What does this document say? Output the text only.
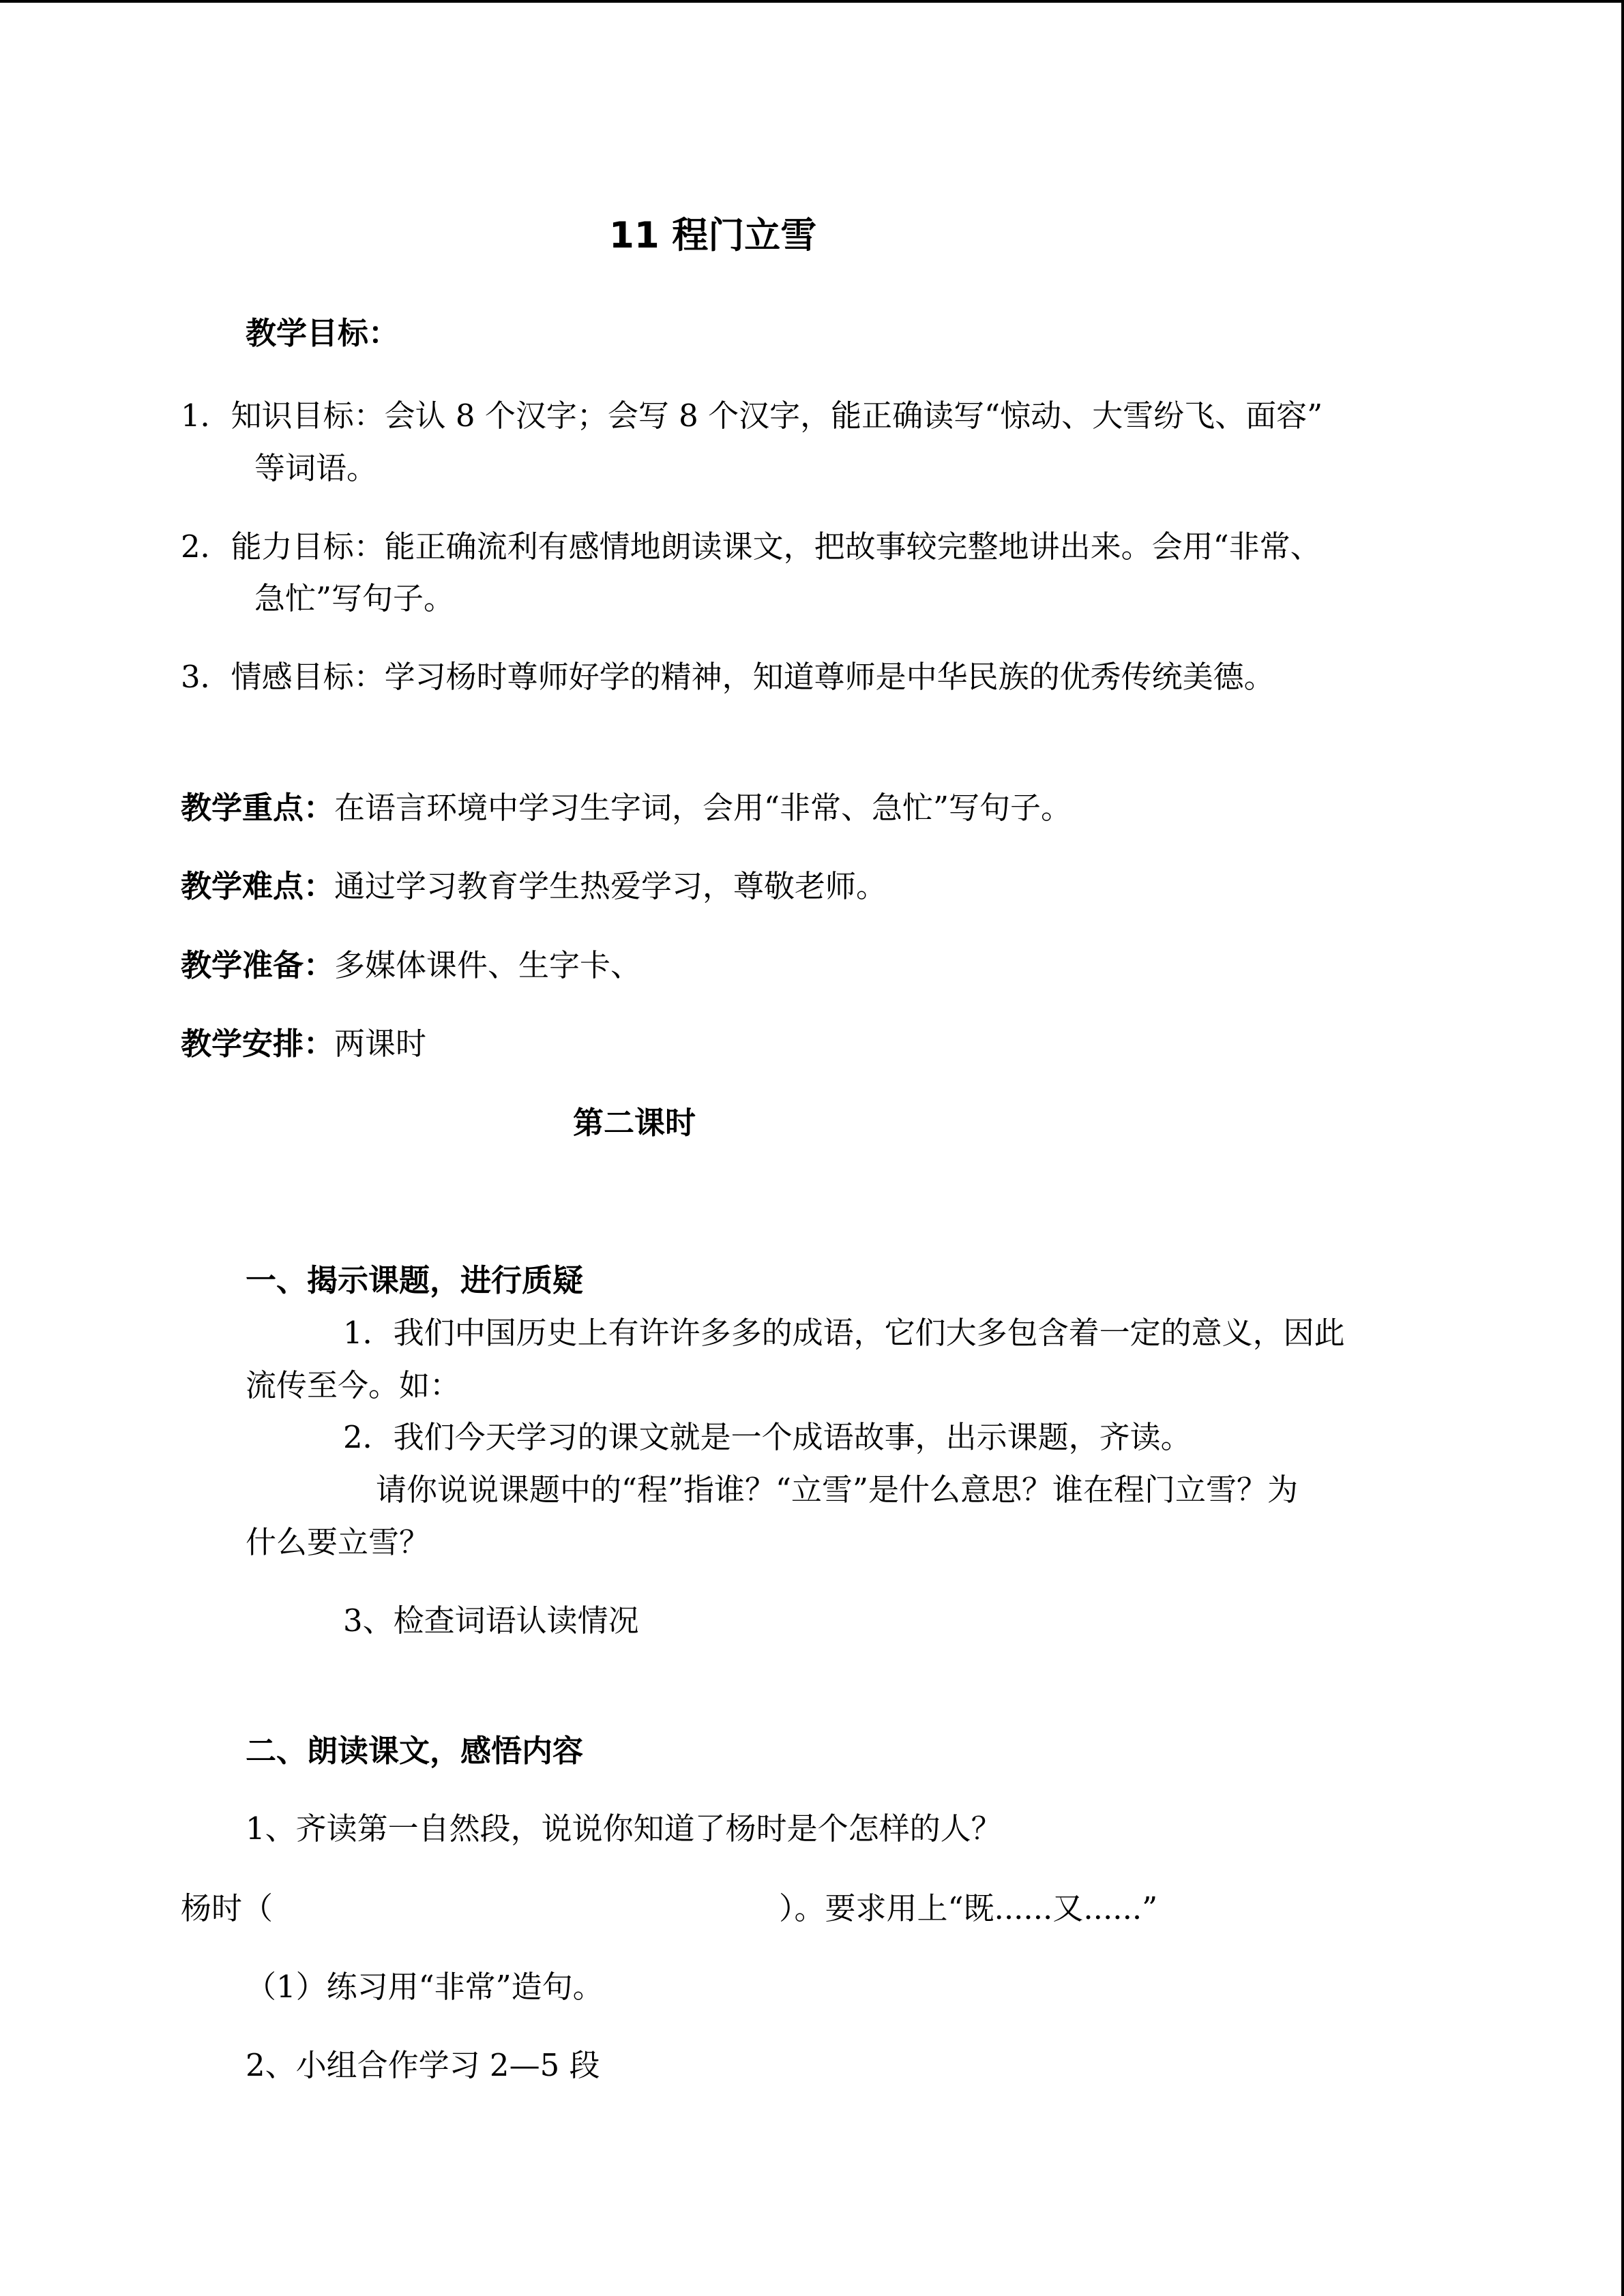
11 程门立雪
教学目标：
1．知识目标：会认 8 个汉字；会写 8 个汉字，能正确读写“惊动、大雪纷飞、面容”
等词语。
2．能力目标：能正确流利有感情地朗读课文，把故事较完整地讲出来。会用“非常、
急忙”写句子。
3．情感目标：学习杨时尊师好学的精神，知道尊师是中华民族的优秀传统美德。
教学重点：在语言环境中学习生字词，会用“非常、急忙”写句子。
教学难点：通过学习教育学生热爱学习，尊敬老师。
教学准备：多媒体课件、生字卡、
教学安排：两课时
第二课时
一、揭示课题，进行质疑
1．我们中国历史上有许许多多的成语，它们大多包含着一定的意义，因此
流传至今。如：
2．我们今天学习的课文就是一个成语故事，出示课题，齐读。
请你说说课题中的“程”指谁？“立雪”是什么意思？谁在程门立雪？为
什么要立雪？
3、检查词语认读情况
二、朗读课文，感悟内容
1、齐读第一自然段，说说你知道了杨时是个怎样的人？
杨时（	）。要求用上“既......又......”
（1）练习用“非常”造句。
2、小组合作学习 2—5 段
